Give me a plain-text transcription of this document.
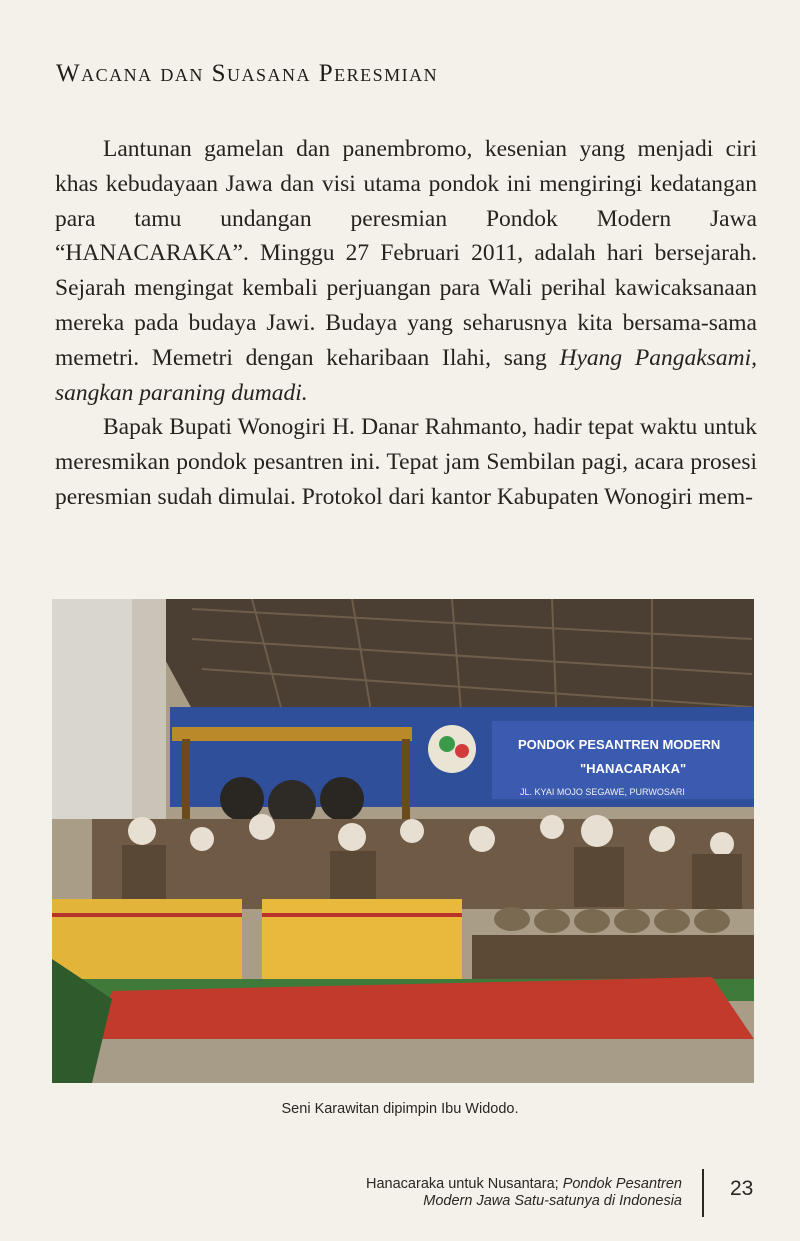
Wacana dan Suasana Peresmian

Lantunan gamelan dan panembromo, kesenian yang menjadi ciri khas kebudayaan Jawa dan visi utama pondok ini mengiringi kedatangan para tamu undangan peresmian Pondok Modern Jawa “HANACARAKA”. Minggu 27 Februari 2011, adalah hari bersejarah. Sejarah mengingat kembali perjuangan para Wali perihal kawicaksanaan mereka pada budaya Jawi. Budaya yang seharusnya kita bersama-sama memetri. Memetri dengan keharibaan Ilahi, sang Hyang Pangaksami, sangkan paraning dumadi.

Bapak Bupati Wonogiri H. Danar Rahmanto, hadir tepat waktu untuk meresmikan pondok pesantren ini. Tepat jam Sembilan pagi, acara prosesi peresmian sudah dimulai. Protokol dari kantor Kabupaten Wonogiri mem-

PONDOK PESANTREN MODERN
"HANACARAKA"
JL. KYAI MOJO SEGAWE, PURWOSARI
Seni Karawitan dipimpin Ibu Widodo.
Hanacaraka untuk Nusantara; Pondok Pesantren
Modern Jawa Satu-satunya di Indonesia
23
